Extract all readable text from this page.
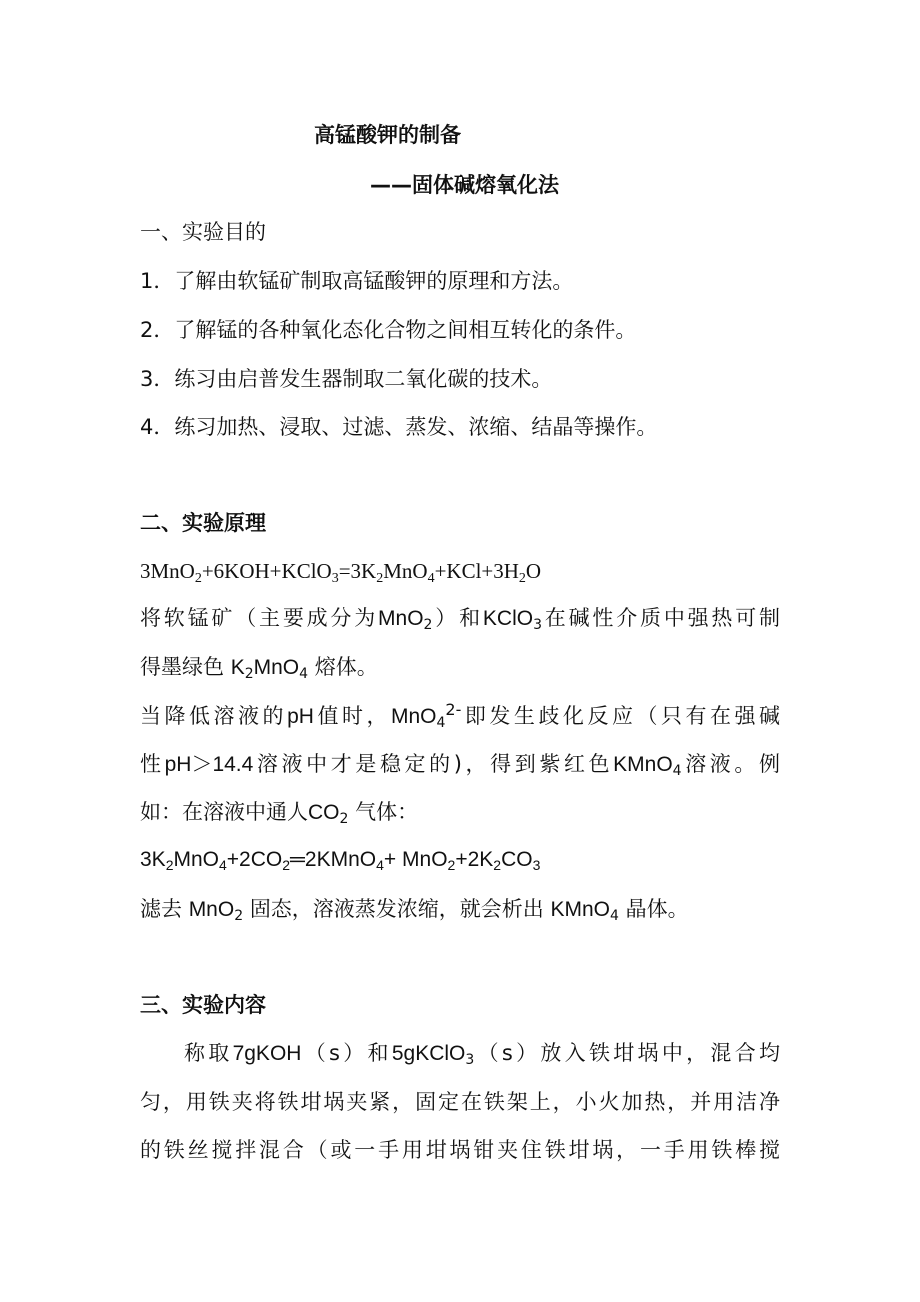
高锰酸钾的制备
——固体碱熔氧化法
一、实验目的
1．了解由软锰矿制取高锰酸钾的原理和方法。
2．了解锰的各种氧化态化合物之间相互转化的条件。
3．练习由启普发生器制取二氧化碳的技术。
4．练习加热、浸取、过滤、蒸发、浓缩、结晶等操作。
二、实验原理
$3MnO_2+6KOH+KClO_3=3K_2MnO_4+KCl+3H_2O$
将软锰矿（主要成分为MnO$_2$）和KClO$_3$在碱性介质中强热可制
得墨绿色 $K_2MnO_4$ 熔体。
当降低溶液的pH值时，MnO$_4^{2-}$即发生歧化反应（只有在强碱
性pH＞14.4溶液中才是稳定的)，得到紫红色KMnO$_4$溶液。例
如：在溶液中通人$CO_2$ 气体：
$3K_2MnO_4+2CO_2═2KMnO_4+ MnO_2+2K_2CO_3$
滤去 MnO$_2$ 固态，溶液蒸发浓缩，就会析出 KMnO$_4$ 晶体。
三、实验内容
称取7gKOH（s）和5gKClO$_3$（s）放入铁坩埚中，混合均
匀，用铁夹将铁坩埚夹紧，固定在铁架上，小火加热，并用洁净
的铁丝搅拌混合（或一手用坩埚钳夹住铁坩埚，一手用铁棒搅
